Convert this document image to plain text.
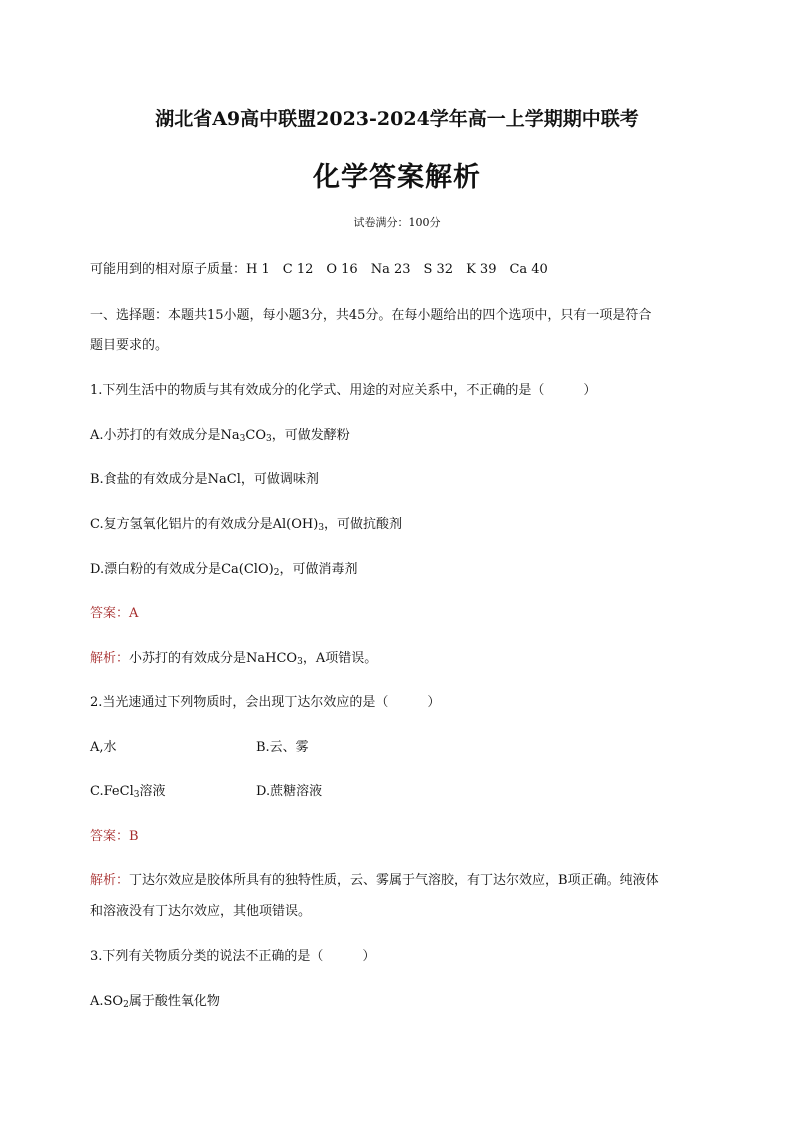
湖北省A9高中联盟2023-2024学年高一上学期期中联考
化学答案解析
试卷满分：100分
可能用到的相对原子质量：H 1　C 12　O 16　Na 23　S 32　K 39　Ca 40
一、选择题：本题共15小题，每小题3分，共45分。在每小题给出的四个选项中，只有一项是符合
题目要求的。
1.下列生活中的物质与其有效成分的化学式、用途的对应关系中，不正确的是（　　　）
A.小苏打的有效成分是$Na_3CO_3$，可做发酵粉
B.食盐的有效成分是NaCl，可做调味剂
C.复方氢氧化铝片的有效成分是$Al(OH)_3$，可做抗酸剂
D.漂白粉的有效成分是$Ca(ClO)_2$，可做消毒剂
答案：A
解析：小苏打的有效成分是NaHCO$_3$，A项错误。
2.当光速通过下列物质时，会出现丁达尔效应的是（　　　）
A,水	B.云、雾
C.FeCl$_3$溶液	D.蔗糖溶液
答案：B
解析：丁达尔效应是胶体所具有的独特性质，云、雾属于气溶胶，有丁达尔效应，B项正确。纯液体
和溶液没有丁达尔效应，其他项错误。
3.下列有关物质分类的说法不正确的是（　　　）
$A.SO_2$属于酸性氧化物
